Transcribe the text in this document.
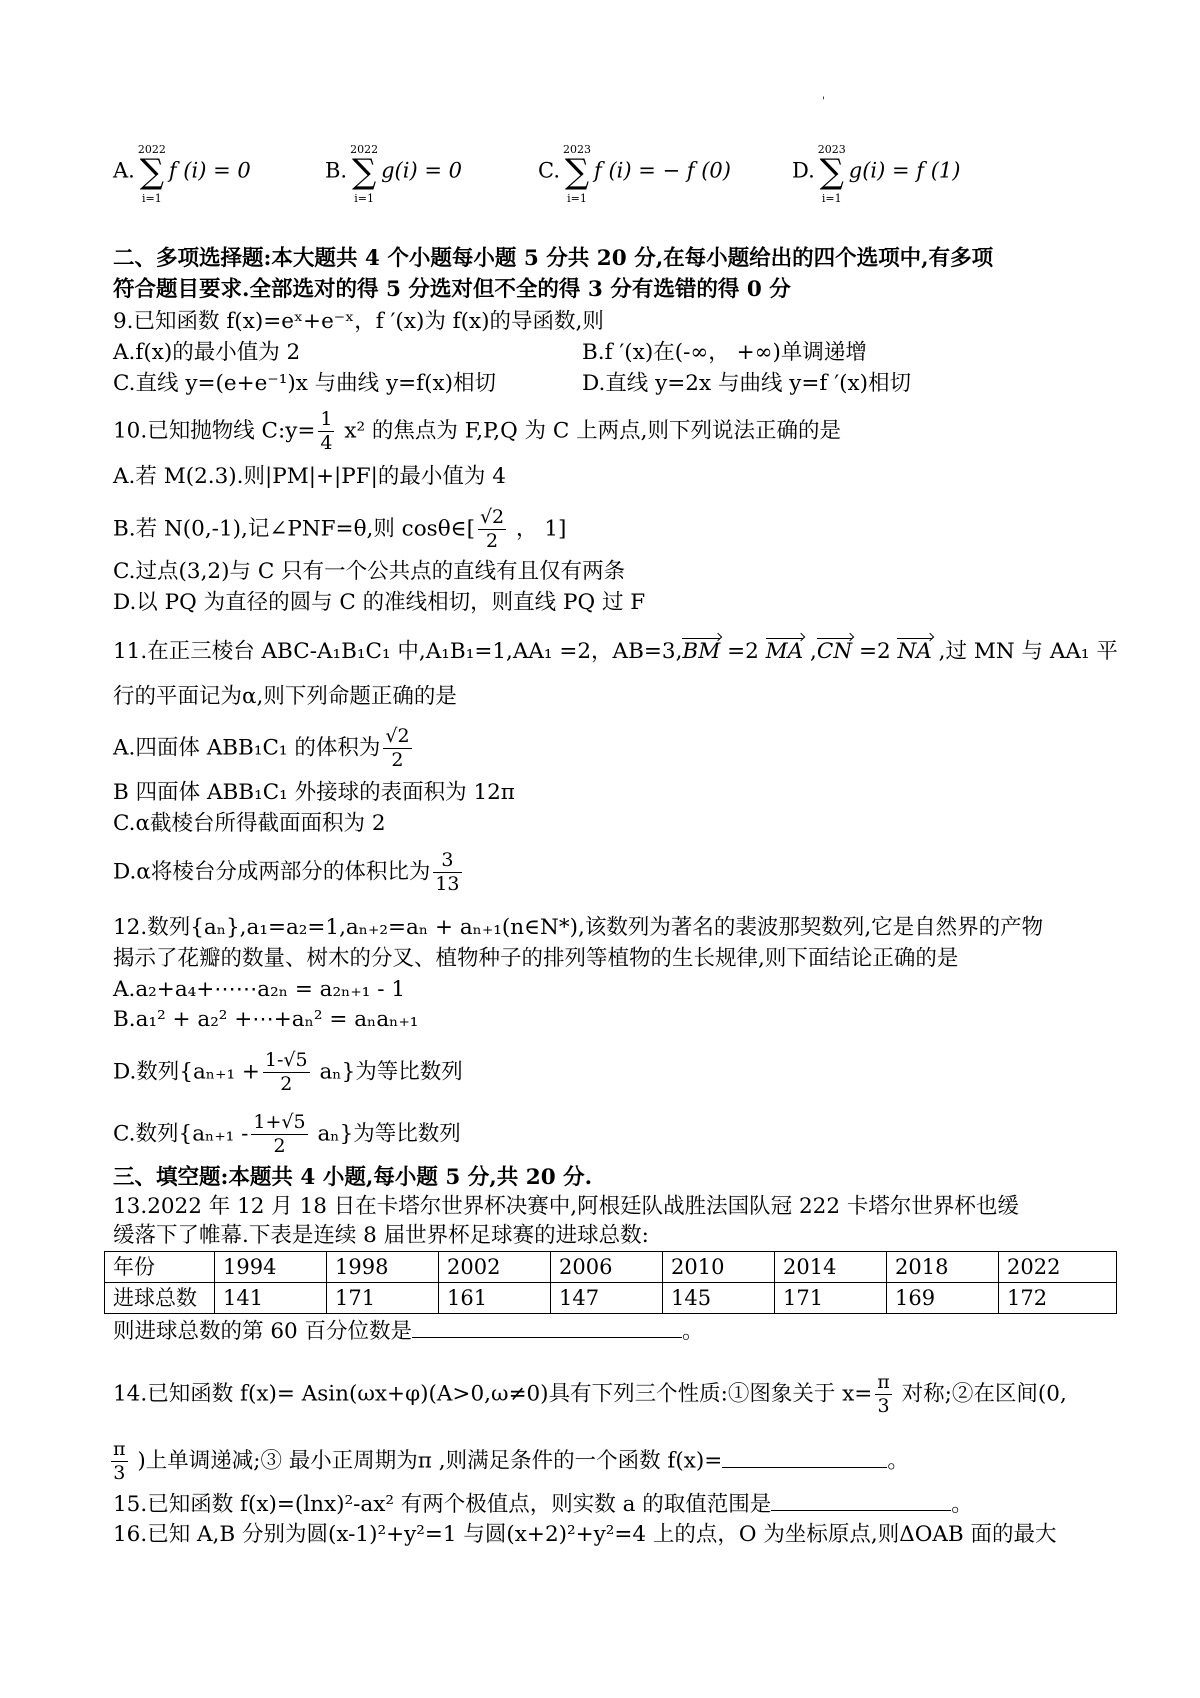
ꞌ
A.
2022
∑
i=1
f (i) = 0	B.
2022
∑
i=1
g(i) = 0	C.
2023
∑
i=1
f (i) = − f (0)	D.
2023
∑
i=1
g(i) = f (1)
二、多项选择题:本大题共 4 个小题每小题 5 分共 20 分,在每小题给出的四个选项中,有多项
符合题目要求.全部选对的得 5 分选对但不全的得 3 分有选错的得 0 分
9.已知函数 f(x)=eˣ+e⁻ˣ，f ′(x)为 f(x)的导函数,则
A.f(x)的最小值为 2	B.f ′(x)在(-∞， +∞)单调递增
C.直线 y=(e+e⁻¹)x 与曲线 y=f(x)相切	D.直线 y=2x 与曲线 y=f ′(x)相切
10.已知抛物线 C:y= $\frac{1}{4} x^2$ 的焦点为 F,P,Q 为 C 上两点,则下列说法正确的是
A.若 M(2.3).则|PM|+|PF|的最小值为 4
B.若 N(0,-1),记∠PNF=θ,则 cosθ∈[ $\frac{√2}{2}$ ， 1]
C.过点(3,2)与 C 只有一个公共点的直线有且仅有两条
D.以 PQ 为直径的圆与 C 的准线相切，则直线 PQ 过 F
11.在正三棱台 ABC-A₁B₁C₁ 中,A₁B₁=1,AA₁ =2，AB=3,BM =2 MA ,CN =2 NA ,过 MN 与 AA₁ 平
行的平面记为α,则下列命题正确的是
A.四面体 ABB₁C₁ 的体积为 $\frac{√2}{2}$
B 四面体 ABB₁C₁ 外接球的表面积为 12π
C.α截棱台所得截面面积为 2
D.α将棱台分成两部分的体积比为 $\frac{3}{13}$
12.数列{aₙ},a₁=a₂=1,aₙ₊₂=aₙ + aₙ₊₁(n∈N*),该数列为著名的裴波那契数列,它是自然界的产物
揭示了花瓣的数量、树木的分叉、植物种子的排列等植物的生长规律,则下面结论正确的是
A.a₂+a₄+⋯⋯a₂ₙ = a₂ₙ₊₁ - 1
B.a₁² + a₂² +⋯+aₙ² = aₙaₙ₊₁
D.数列$\{a_{n+1} + \frac{1-√5}{2} a_n\}$为等比数列
C.数列$\{a_{n+1} - \frac{1+√5}{2} a_n\}$为等比数列
三、填空题:本题共 4 小题,每小题 5 分,共 20 分.
13.2022 年 12 月 18 日在卡塔尔世界杯决赛中,阿根廷队战胜法国队冠 222 卡塔尔世界杯也缓
缓落下了帷幕.下表是连续 8 届世界杯足球赛的进球总数:
年份	1994	1998	2002	2006	2010	2014	2018	2022
进球总数	141	171	161	147	145	171	169	172
则进球总数的第 60 百分位数是	。
14.已知函数 f(x)= Asin(ωx+φ)(A>0,ω≠0)具有下列三个性质:①图象关于 $x= \frac{\pi}{3}$ 对称;②在区间(0,
$\frac{\pi}{3}$ )上单调递减;③ 最小正周期为π ,则满足条件的一个函数 f(x)=	。
15.已知函数 f(x)=(lnx)²-ax² 有两个极值点，则实数 a 的取值范围是	。
16.已知 A,B 分别为圆(x-1)²+y²=1 与圆(x+2)²+y²=4 上的点，O 为坐标原点,则ΔOAB 面的最大
